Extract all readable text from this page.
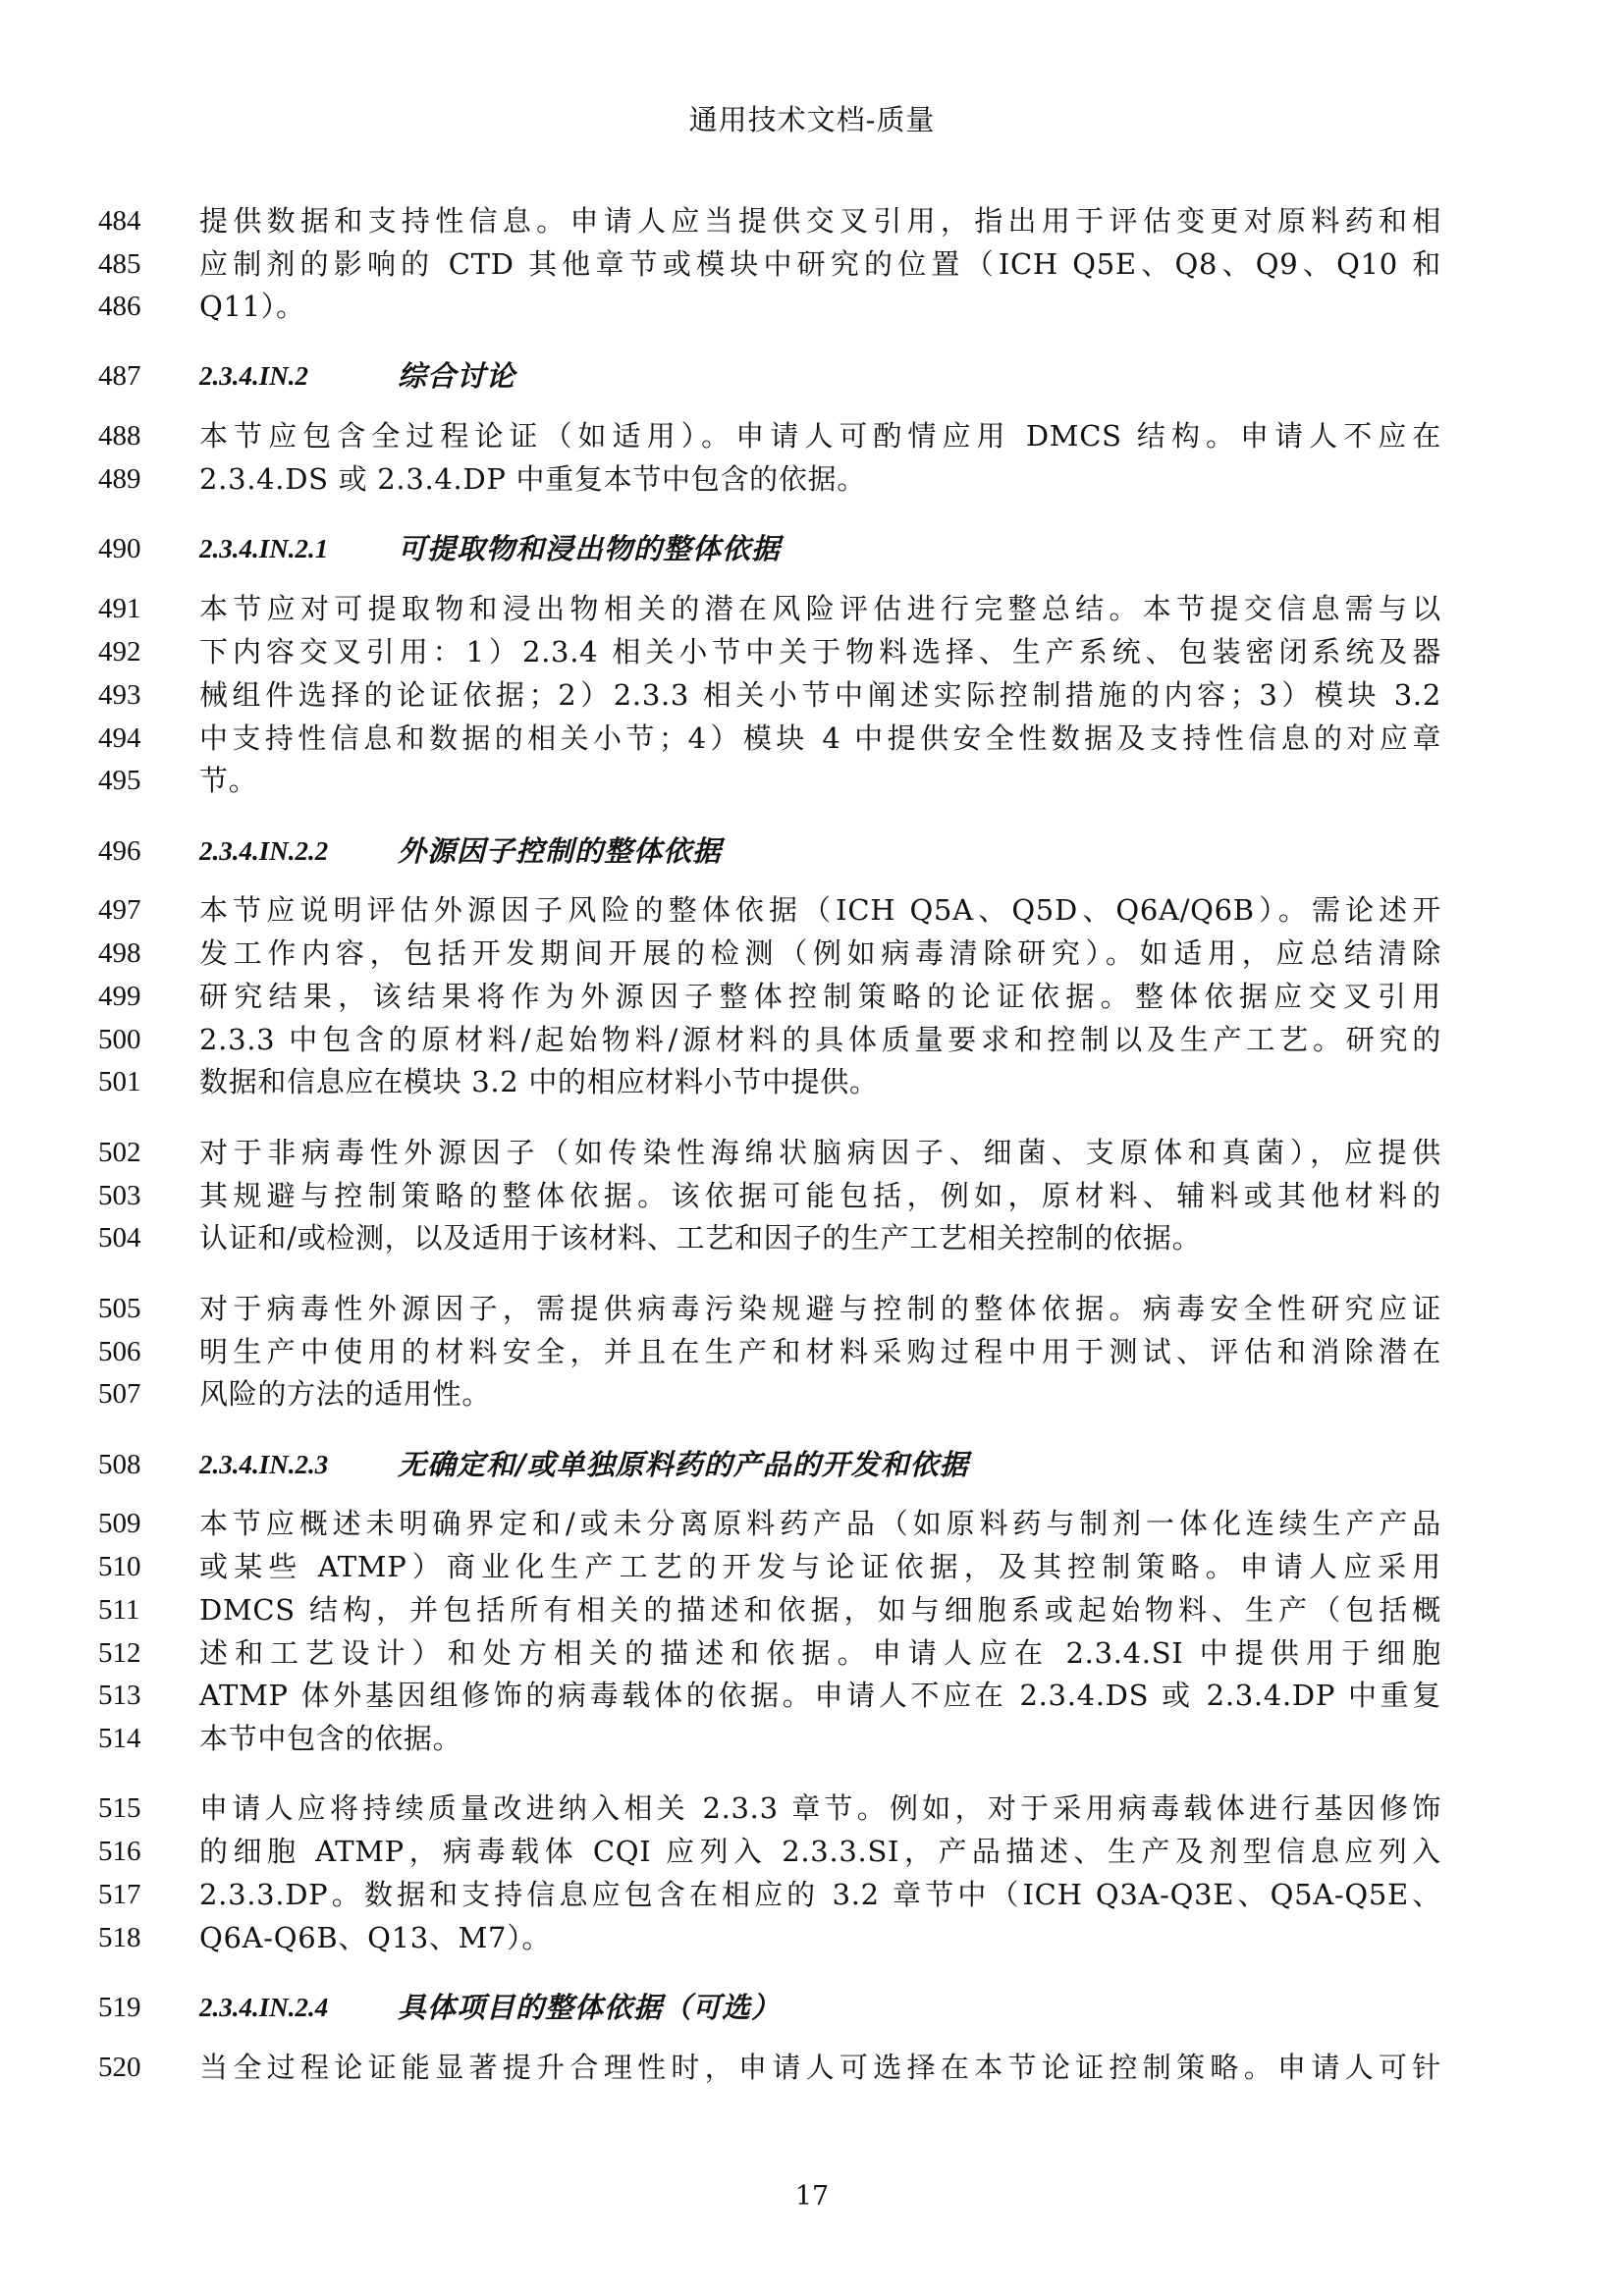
通用技术文档-质量
484	提供数据和支持性信息。申请人应当提供交叉引用，指出用于评估变更对原料药和相
485	应制剂的影响的 CTD 其他章节或模块中研究的位置（ICH Q5E、Q8、Q9、Q10 和
486	Q11）。
487	2.3.4.IN.2	综合讨论
488	本节应包含全过程论证（如适用）。申请人可酌情应用 DMCS 结构。申请人不应在
489	2.3.4.DS 或 2.3.4.DP 中重复本节中包含的依据。
490	2.3.4.IN.2.1 可提取物和浸出物的整体依据
491	本节应对可提取物和浸出物相关的潜在风险评估进行完整总结。本节提交信息需与以
492	下内容交叉引用：1）2.3.4 相关小节中关于物料选择、生产系统、包装密闭系统及器
493	械组件选择的论证依据；2）2.3.3 相关小节中阐述实际控制措施的内容；3）模块 3.2
494	中支持性信息和数据的相关小节；4）模块 4 中提供安全性数据及支持性信息的对应章
495	节。
496	2.3.4.IN.2.2 外源因子控制的整体依据
497	本节应说明评估外源因子风险的整体依据（ICH Q5A、Q5D、Q6A/Q6B）。需论述开
498	发工作内容，包括开发期间开展的检测（例如病毒清除研究）。如适用，应总结清除
499	研究结果，该结果将作为外源因子整体控制策略的论证依据。整体依据应交叉引用
500	2.3.3 中包含的原材料/起始物料/源材料的具体质量要求和控制以及生产工艺。研究的
501	数据和信息应在模块 3.2 中的相应材料小节中提供。
502	对于非病毒性外源因子（如传染性海绵状脑病因子、细菌、支原体和真菌），应提供
503	其规避与控制策略的整体依据。该依据可能包括，例如，原材料、辅料或其他材料的
504	认证和/或检测，以及适用于该材料、工艺和因子的生产工艺相关控制的依据。
505	对于病毒性外源因子，需提供病毒污染规避与控制的整体依据。病毒安全性研究应证
506	明生产中使用的材料安全，并且在生产和材料采购过程中用于测试、评估和消除潜在
507	风险的方法的适用性。
508	2.3.4.IN.2.3 无确定和/或单独原料药的产品的开发和依据
509	本节应概述未明确界定和/或未分离原料药产品（如原料药与制剂一体化连续生产产品
510	或某些 ATMP）商业化生产工艺的开发与论证依据，及其控制策略。申请人应采用
511	DMCS 结构，并包括所有相关的描述和依据，如与细胞系或起始物料、生产（包括概
512	述和工艺设计）和处方相关的描述和依据。申请人应在 2.3.4.SI 中提供用于细胞
513	ATMP 体外基因组修饰的病毒载体的依据。申请人不应在 2.3.4.DS 或 2.3.4.DP 中重复
514	本节中包含的依据。
515	申请人应将持续质量改进纳入相关 2.3.3 章节。例如，对于采用病毒载体进行基因修饰
516	的细胞 ATMP，病毒载体 CQI 应列入 2.3.3.SI，产品描述、生产及剂型信息应列入
517	2.3.3.DP。数据和支持信息应包含在相应的 3.2 章节中（ICH Q3A-Q3E、Q5A-Q5E、
518	Q6A-Q6B、Q13、M7）。
519	2.3.4.IN.2.4 具体项目的整体依据（可选）
520	当全过程论证能显著提升合理性时，申请人可选择在本节论证控制策略。申请人可针
17
